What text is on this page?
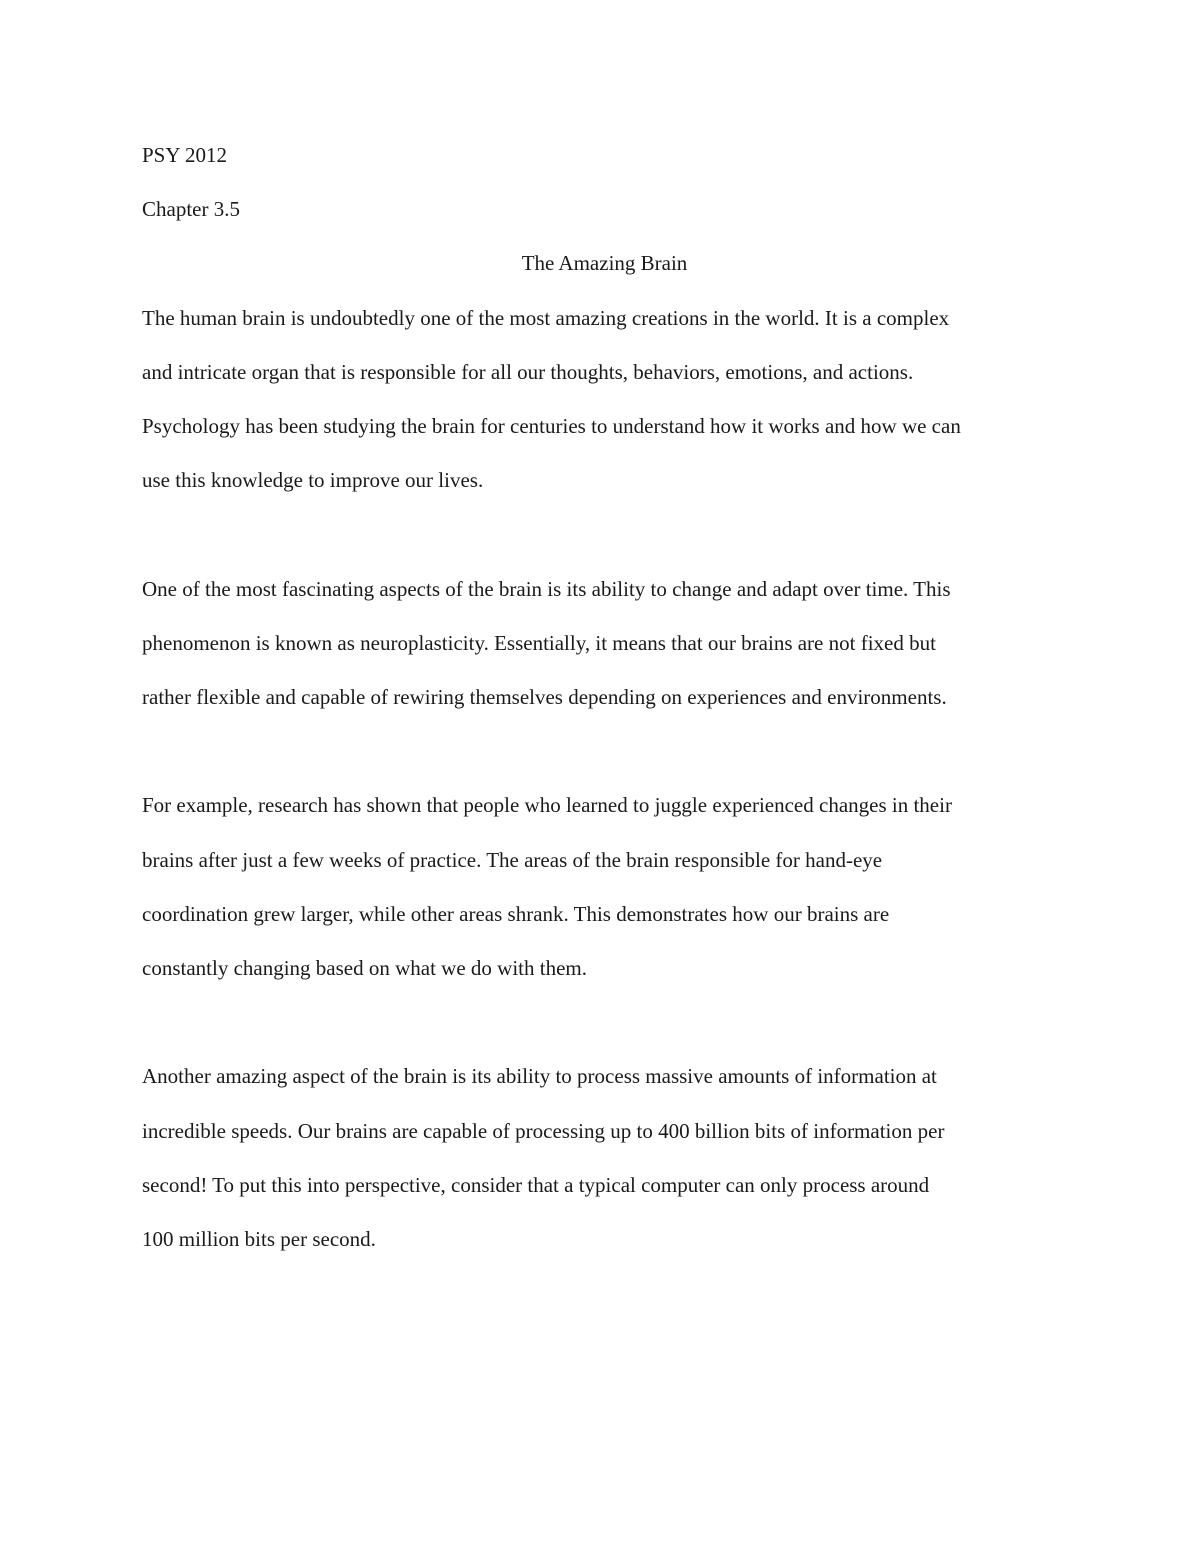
PSY 2012
Chapter 3.5
The Amazing Brain
The human brain is undoubtedly one of the most amazing creations in the world. It is a complex
and intricate organ that is responsible for all our thoughts, behaviors, emotions, and actions.
Psychology has been studying the brain for centuries to understand how it works and how we can
use this knowledge to improve our lives.
One of the most fascinating aspects of the brain is its ability to change and adapt over time. This
phenomenon is known as neuroplasticity. Essentially, it means that our brains are not fixed but
rather flexible and capable of rewiring themselves depending on experiences and environments.
For example, research has shown that people who learned to juggle experienced changes in their
brains after just a few weeks of practice. The areas of the brain responsible for hand-eye
coordination grew larger, while other areas shrank. This demonstrates how our brains are
constantly changing based on what we do with them.
Another amazing aspect of the brain is its ability to process massive amounts of information at
incredible speeds. Our brains are capable of processing up to 400 billion bits of information per
second! To put this into perspective, consider that a typical computer can only process around
100 million bits per second.
